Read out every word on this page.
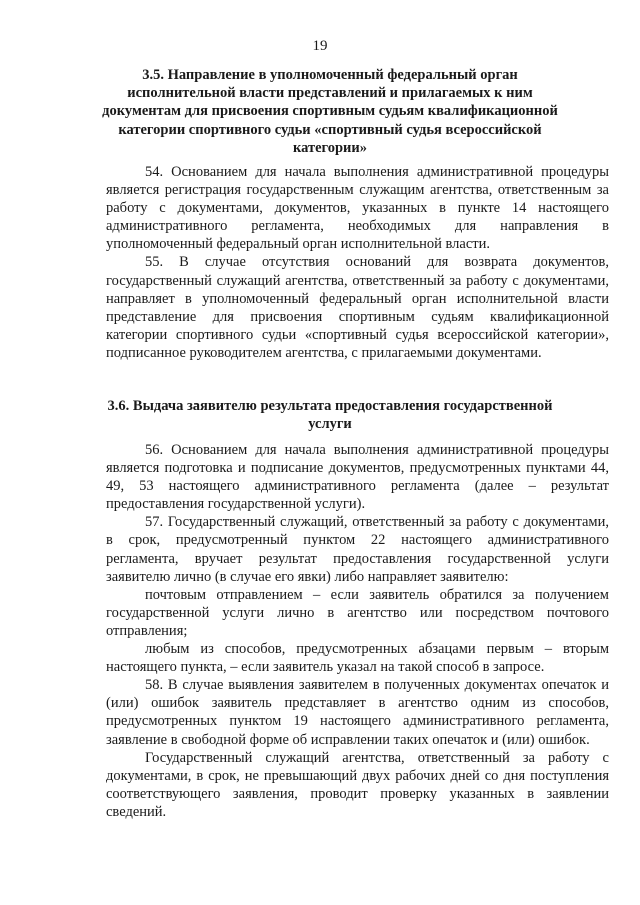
19
3.5. Направление в уполномоченный федеральный орган исполнительной власти представлений и прилагаемых к ним документам для присвоения спортивным судьям квалификационной категории спортивного судьи «спортивный судья всероссийской категории»

54. Основанием для начала выполнения административной процедуры является регистрация государственным служащим агентства, ответственным за работу с документами, документов, указанных в пункте 14 настоящего административного регламента, необходимых для направления в уполномоченный федеральный орган исполнительной власти.

55. В случае отсутствия оснований для возврата документов, государственный служащий агентства, ответственный за работу с документами, направляет в уполномоченный федеральный орган исполнительной власти представление для присвоения спортивным судьям квалификационной категории спортивного судьи «спортивный судья всероссийской категории», подписанное руководителем агентства, с прилагаемыми документами.

3.6. Выдача заявителю результата предоставления государственной услуги

56. Основанием для начала выполнения административной процедуры является подготовка и подписание документов, предусмотренных пунктами 44, 49, 53 настоящего административного регламента (далее – результат предоставления государственной услуги).

57. Государственный служащий, ответственный за работу с документами, в срок, предусмотренный пунктом 22 настоящего административного регламента, вручает результат предоставления государственной услуги заявителю лично (в случае его явки) либо направляет заявителю:

почтовым отправлением – если заявитель обратился за получением государственной услуги лично в агентство или посредством почтового отправления;

любым из способов, предусмотренных абзацами первым – вторым настоящего пункта, – если заявитель указал на такой способ в запросе.

58. В случае выявления заявителем в полученных документах опечаток и (или) ошибок заявитель представляет в агентство одним из способов, предусмотренных пунктом 19 настоящего административного регламента, заявление в свободной форме об исправлении таких опечаток и (или) ошибок.

Государственный служащий агентства, ответственный за работу с документами, в срок, не превышающий двух рабочих дней со дня поступления соответствующего заявления, проводит проверку указанных в заявлении сведений.
